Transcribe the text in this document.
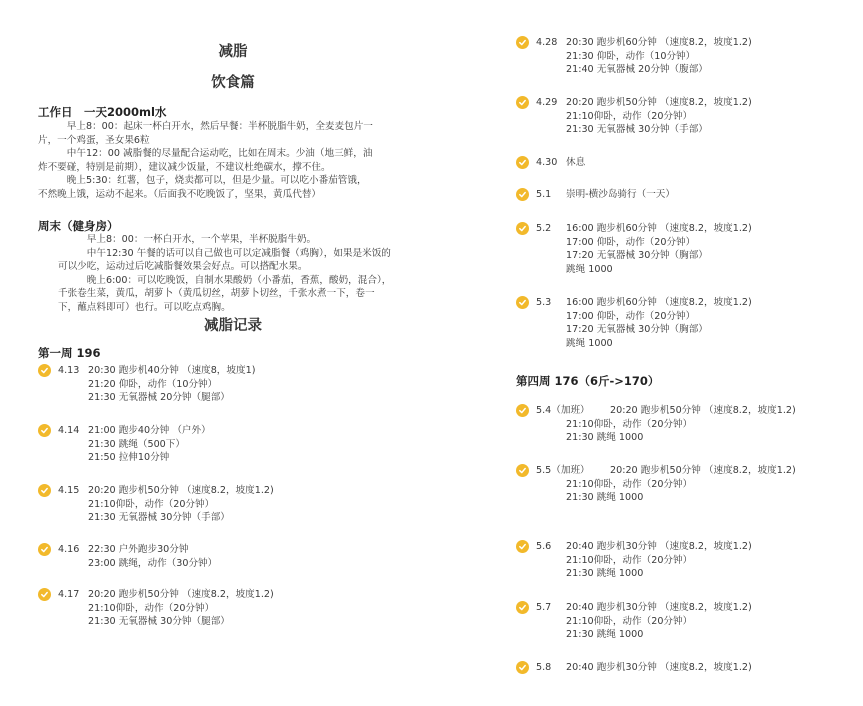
减脂
饮食篇
工作日　一天2000ml水
　　　早上8：00：起床一杯白开水，然后早餐：半杯脱脂牛奶，全麦麦包片一
片，一个鸡蛋，圣女果6粒
　　　中午12：00 减脂餐的尽量配合运动吃，比如在周末。少油（地三鲜，油
炸不要碰，特别是前期），建议减少饭量，不建议杜绝碳水，撑不住。
　　　晚上5:30：红薯，包子，烧卖都可以，但是少量。可以吃小番茄管饿，
不然晚上饿，运动不起来。（后面我不吃晚饭了，坚果，黄瓜代替）
周末（健身房）
　　　早上8：00：一杯白开水，一个苹果，半杯脱脂牛奶。
　　　中午12:30 午餐的话可以自己做也可以定减脂餐（鸡胸），如果是米饭的
可以少吃，运动过后吃减脂餐效果会好点。可以搭配水果。
　　　晚上6:00：可以吃晚饭，自制水果酸奶（小番茄，香蕉，酸奶，混合），
千张卷生菜，黄瓜，胡萝卜（黄瓜切丝，胡萝卜切丝，千张水煮一下，卷一
下，蘸点料即可）也行。可以吃点鸡胸。
减脂记录
第一周 196
4.13 20:30 跑步机40分钟 （速度8，坡度1)
21:20 仰卧，动作（10分钟）
21:30 无氧器械 20分钟（腿部）
4.14 21:00 跑步40分钟 （户外）
21:30 跳绳（500下）
21:50 拉伸10分钟
4.15 20:20 跑步机50分钟 （速度8.2，坡度1.2)
21:10仰卧，动作（20分钟）
21:30 无氧器械 30分钟（手部）
4.16 22:30 户外跑步30分钟
23:00 跳绳，动作（30分钟）
4.17 20:20 跑步机50分钟 （速度8.2，坡度1.2)
21:10仰卧，动作（20分钟）
21:30 无氧器械 30分钟（腿部）
4.28 20:30 跑步机60分钟 （速度8.2，坡度1.2)
21:30 仰卧，动作（10分钟）
21:40 无氧器械 20分钟（腹部）
4.29 20:20 跑步机50分钟 （速度8.2，坡度1.2)
21:10仰卧，动作（20分钟）
21:30 无氧器械 30分钟（手部）
4.30 休息
5.1 崇明-横沙岛骑行（一天）
5.2 16:00 跑步机60分钟 （速度8.2，坡度1.2)
17:00 仰卧，动作（20分钟）
17:20 无氧器械 30分钟（胸部）
跳绳 1000
5.3 16:00 跑步机60分钟 （速度8.2，坡度1.2)
17:00 仰卧，动作（20分钟）
17:20 无氧器械 30分钟（胸部）
跳绳 1000
第四周 176（6斤->170）
5.4（加班） 20:20 跑步机50分钟 （速度8.2，坡度1.2)
21:10仰卧，动作（20分钟）
21:30 跳绳 1000
5.5（加班） 20:20 跑步机50分钟 （速度8.2，坡度1.2)
21:10仰卧，动作（20分钟）
21:30 跳绳 1000
5.6 20:40 跑步机30分钟 （速度8.2，坡度1.2)
21:10仰卧，动作（20分钟）
21:30 跳绳 1000
5.7 20:40 跑步机30分钟 （速度8.2，坡度1.2)
21:10仰卧，动作（20分钟）
21:30 跳绳 1000
5.8 20:40 跑步机30分钟 （速度8.2，坡度1.2)
